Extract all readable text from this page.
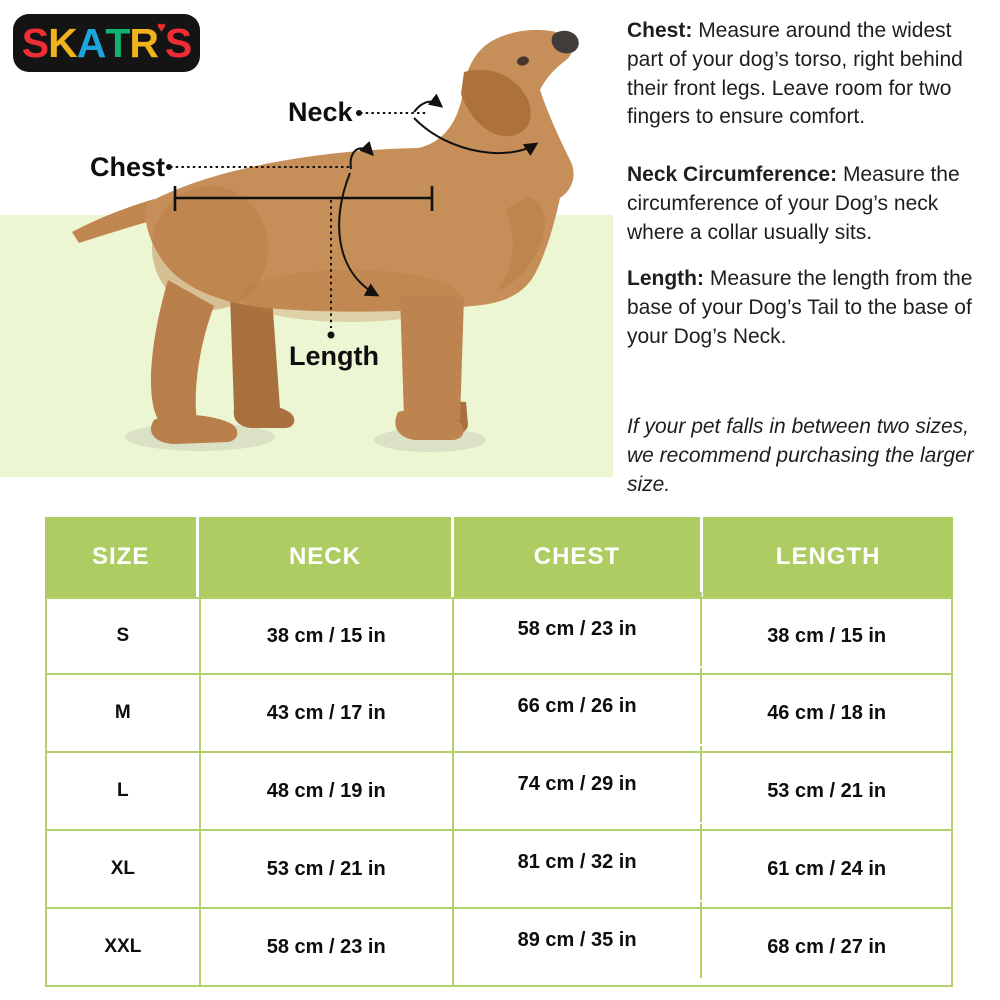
S K A T R ♥ S
Neck
Chest
Length

Chest: Measure around the widest part of your dog’s torso, right behind their front legs. Leave room for two fingers to ensure comfort.

Neck Circumference: Measure the circumference of your Dog’s neck where a collar usually sits.

Length: Measure the length from the base of your Dog’s Tail to the base of your Dog’s Neck.

If your pet falls in between two sizes, we recommend purchasing the larger size.

SIZE	NECK	CHEST	LENGTH
S	38 cm / 15 in	58 cm / 23 in	38 cm / 15 in
M	43 cm / 17 in	66 cm / 26 in	46 cm / 18 in
L	48 cm / 19 in	74 cm / 29 in	53 cm / 21 in
XL	53 cm / 21 in	81 cm / 32 in	61 cm / 24 in
XXL	58 cm / 23 in	89 cm / 35 in	68 cm / 27 in
